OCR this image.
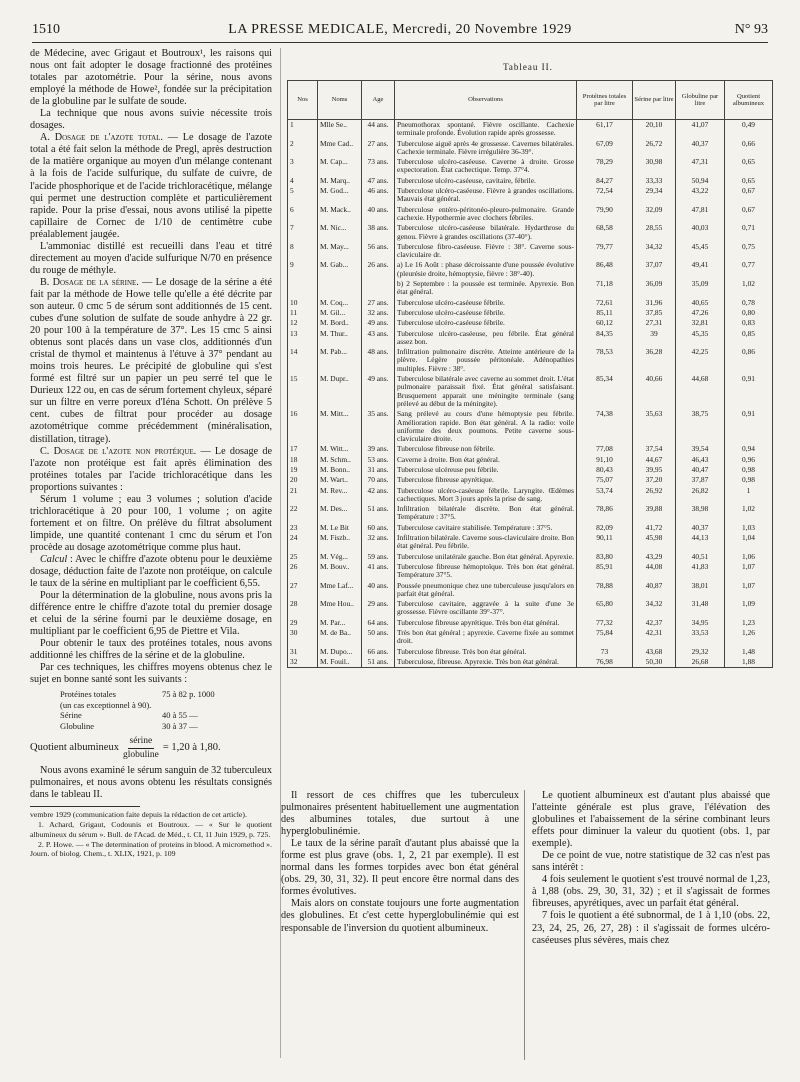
1510	LA PRESSE MEDICALE, Mercredi, 20 Novembre 1929	N° 93

de Médecine, avec Grigaut et Boutroux¹, les raisons qui nous ont fait adopter le dosage fractionné des protéines totales par azotométrie. Pour la sérine, nous avons employé la méthode de Howe², fondée sur la précipitation de la globuline par le sulfate de soude.

La technique que nous avons suivie nécessite trois dosages.

A. Dosage de l'azote total. — Le dosage de l'azote total a été fait selon la méthode de Pregl, après destruction de la matière organique au moyen d'un mélange contenant à la fois de l'acide sulfurique, du sulfate de cuivre, de l'acide phosphorique et de l'acide trichloracétique, mélange qui permet une destruction complète et particulièrement rapide. Pour la prise d'essai, nous avons utilisé la pipette capillaire de Cornec de 1/10 de centimètre cube préalablement jaugée.

L'ammoniac distillé est recueilli dans l'eau et titré directement au moyen d'acide sulfurique N/70 en présence du rouge de méthyle.

B. Dosage de la sérine. — Le dosage de la sérine a été fait par la méthode de Howe telle qu'elle a été décrite par son auteur. 0 cmc 5 de sérum sont additionnés de 15 cent. cubes d'une solution de sulfate de soude anhydre à 22 gr. 20 pour 100 à la température de 37°. Les 15 cmc 5 ainsi obtenus sont placés dans un vase clos, additionnés d'un cristal de thymol et maintenus à l'étuve à 37° pendant au moins trois heures. Le précipité de globuline qui s'est formé est filtré sur un papier un peu serré tel que le Durieux 122 ou, en cas de sérum fortement chyleux, séparé sur un filtre en verre poreux d'Iéna Schott. On prélève 5 cent. cubes de filtrat pour procéder au dosage azotométrique comme précédemment (minéralisation, distillation, titrage).

C. Dosage de l'azote non protéique. — Le dosage de l'azote non protéique est fait après élimination des protéines totales par l'acide trichloracétique dans les proportions suivantes :

Sérum 1 volume ; eau 3 volumes ; solution d'acide trichloracétique à 20 pour 100, 1 volume ; on agite fortement et on filtre. On prélève du filtrat absolument limpide, une quantité contenant 1 cmc du sérum et l'on procède au dosage azotométrique comme plus haut.

Calcul : Avec le chiffre d'azote obtenu pour le deuxième dosage, déduction faite de l'azote non protéique, on calcule le taux de la sérine en multipliant par le coefficient 6,55.

Pour la détermination de la globuline, nous avons pris la différence entre le chiffre d'azote total du premier dosage et celui de la sérine fourni par le deuxième dosage, en multipliant par le coefficient 6,95 de Piettre et Vila.

Pour obtenir le taux des protéines totales, nous avons additionné les chiffres de la sérine et de la globuline.

Par ces techniques, les chiffres moyens obtenus chez le sujet en bonne santé sont les suivants :

Protéines totales	75 à 82 p. 1000
(un cas exceptionnel à 90).
Sérine	40 à 55 —
Globuline	30 à 37 —
Quotient albumineux $\frac{\text{sérine}}{\text{globuline}} = 1,20$ à 1,80.

Nous avons examiné le sérum sanguin de 32 tuberculeux pulmonaires, et nous avons obtenu les résultats consignés dans le tableau II.

vembre 1929 (communication faite depuis la rédaction de cet article).

1. Achard, Grigaut, Codounis et Boutroux. — « Sur le quotient albumineux du sérum ». Bull. de l'Acad. de Méd., t. CI, 11 Juin 1929, p. 725.

2. P. Howe. — « The determination of proteins in blood. A micromethod ». Journ. of biolog. Chem., t. XLIX, 1921, p. 109

Tableau II.
Nos	Noms	Age	Observations	Protéines totales par litre	Sérine par litre	Globuline par litre	Quotient albumineux
1	Mlle Se..	44 ans.	Pneumothorax spontané. Fièvre oscillante. Cachexie terminale profonde. Évolution rapide après grossesse.	61,17	20,10	41,07	0,49
2	Mme Cad..	27 ans.	Tuberculose aiguë après 4e grossesse. Cavernes bilatérales. Cachexie terminale. Fièvre irrégulière 36-39°.	67,09	26,72	40,37	0,66
3	M. Cap...	73 ans.	Tuberculose ulcéro-caséeuse. Caverne à droite. Grosse expectoration. État cachectique. Temp. 37°4.	78,29	30,98	47,31	0,65
4	M. Marq..	47 ans.	Tuberculose ulcéro-caséeuse, cavitaire, fébrile.	84,27	33,33	50,94	0,65
5	M. God...	46 ans.	Tuberculose ulcéro-caséeuse. Fièvre à grandes oscillations. Mauvais état général.	72,54	29,34	43,22	0,67
6	M. Mack..	40 ans.	Tuberculose entéro-péritonéo-pleuro-pulmonaire. Grande cachexie. Hypothermie avec clochers fébriles.	79,90	32,09	47,81	0,67
7	M. Nic...	38 ans.	Tuberculose ulcéro-caséeuse bilatérale. Hydarthrose du genou. Fièvre à grandes oscillations (37-40°).	68,58	28,55	40,03	0,71
8	M. May...	56 ans.	Tuberculose fibro-caséeuse. Fièvre : 38°. Caverne sous-claviculaire dr.	79,77	34,32	45,45	0,75
9	M. Gab...	26 ans.	a) Le 16 Août : phase décroissante d'une poussée évolutive (pleurésie droite, hémoptysie, fièvre : 38°-40).	86,48	37,07	49,41	0,77
			b) 2 Septembre : la poussée est terminée. Apyrexie. Bon état général.	71,18	36,09	35,09	1,02
10	M. Coq...	27 ans.	Tuberculose ulcéro-caséeuse fébrile.	72,61	31,96	40,65	0,78
11	M. Gil...	32 ans.	Tuberculose ulcéro-caséeuse fébrile.	85,11	37,85	47,26	0,80
12	M. Bord..	49 ans.	Tuberculose ulcéro-caséeuse fébrile.	60,12	27,31	32,81	0,83
13	M. Thur..	43 ans.	Tuberculose ulcéro-caséeuse, peu fébrile. État général assez bon.	84,35	39	45,35	0,85
14	M. Pab...	48 ans.	Infiltration pulmonaire discrète. Atteinte antérieure de la plèvre. Légère poussée péritonéale. Adénopathies multiples. Fièvre : 38°.	78,53	36,28	42,25	0,86
15	M. Dupr..	49 ans.	Tuberculose bilatérale avec caverne au sommet droit. L'état pulmonaire paraissait fixé. État général satisfaisant. Brusquement apparait une méningite terminale (sang prélevé au début de la méningite).	85,34	40,66	44,68	0,91
16	M. Mitt...	35 ans.	Sang prélevé au cours d'une hémoptysie peu fébrile. Amélioration rapide. Bon état général. A la radio: voile uniforme des deux poumons. Petite caverne sous-claviculaire droite.	74,38	35,63	38,75	0,91
17	M. Witt...	39 ans.	Tuberculose fibreuse non fébrile.	77,08	37,54	39,54	0,94
18	M. Schm..	53 ans.	Caverne à droite. Bon état général.	91,10	44,67	46,43	0,96
19	M. Bonn..	31 ans.	Tuberculose ulcéreuse peu fébrile.	80,43	39,95	40,47	0,98
20	M. Wart..	70 ans.	Tuberculose fibreuse apyrétique.	75,07	37,20	37,87	0,98
21	M. Rev...	42 ans.	Tuberculose ulcéro-caséeuse fébrile. Laryngite. Œdèmes cachectiques. Mort 3 jours après la prise de sang.	53,74	26,92	26,82	1
22	M. Des...	51 ans.	Infiltration bilatérale discrète. Bon état général. Température : 37°5.	78,86	39,88	38,98	1,02
23	M. Le Bit	60 ans.	Tuberculose cavitaire stabilisée. Température : 37°5.	82,09	41,72	40,37	1,03
24	M. Fiszb..	32 ans.	Infiltration bilatérale. Caverne sous-claviculaire droite. Bon état général. Peu fébrile.	90,11	45,98	44,13	1,04
25	M. Vég...	59 ans.	Tuberculose unilatérale gauche. Bon état général. Apyrexie.	83,80	43,29	40,51	1,06
26	M. Bouv..	41 ans.	Tuberculose fibreuse hémoptoïque. Très bon état général. Température 37°5.	85,91	44,08	41,83	1,07
27	Mme Laf...	40 ans.	Poussée pneumonique chez une tuberculeuse jusqu'alors en parfait état général.	78,88	40,87	38,01	1,07
28	Mme Hou..	29 ans.	Tuberculose cavitaire, aggravée à la suite d'une 3e grossesse. Fièvre oscillante 39°-37°.	65,80	34,32	31,48	1,09
29	M. Par...	64 ans.	Tuberculose fibreuse apyrétique. Très bon état général.	77,32	42,37	34,95	1,23
30	M. de Ba..	50 ans.	Très bon état général ; apyrexie. Caverne fixée au sommet droit.	75,84	42,31	33,53	1,26
31	M. Dupo...	66 ans.	Tuberculose fibreuse. Très bon état général.	73	43,68	29,32	1,48
32	M. Fouil..	51 ans.	Tuberculose, fibreuse. Apyrexie. Très bon état général.	76,98	50,30	26,68	1,88

Il ressort de ces chiffres que les tuberculeux pulmonaires présentent habituellement une augmentation des albumines totales, due surtout à une hyperglobulinémie.

Le taux de la sérine paraît d'autant plus abaissé que la forme est plus grave (obs. 1, 2, 21 par exemple). Il est normal dans les formes torpides avec bon état général (obs. 29, 30, 31, 32). Il peut encore être normal dans des formes évolutives.

Mais alors on constate toujours une forte augmentation des globulines. Et c'est cette hyperglobulinémie qui est responsable de l'inversion du quotient albumineux.

Le quotient albumineux est d'autant plus abaissé que l'atteinte générale est plus grave, l'élévation des globulines et l'abaissement de la sérine combinant leurs effets pour diminuer la valeur du quotient (obs. 1, par exemple).

De ce point de vue, notre statistique de 32 cas n'est pas sans intérêt :

4 fois seulement le quotient s'est trouvé normal de 1,23, à 1,88 (obs. 29, 30, 31, 32) ; et il s'agissait de formes fibreuses, apyrétiques, avec un parfait état général.

7 fois le quotient a été subnormal, de 1 à 1,10 (obs. 22, 23, 24, 25, 26, 27, 28) : il s'agissait de formes ulcéro-caséeuses plus sévères, mais chez
